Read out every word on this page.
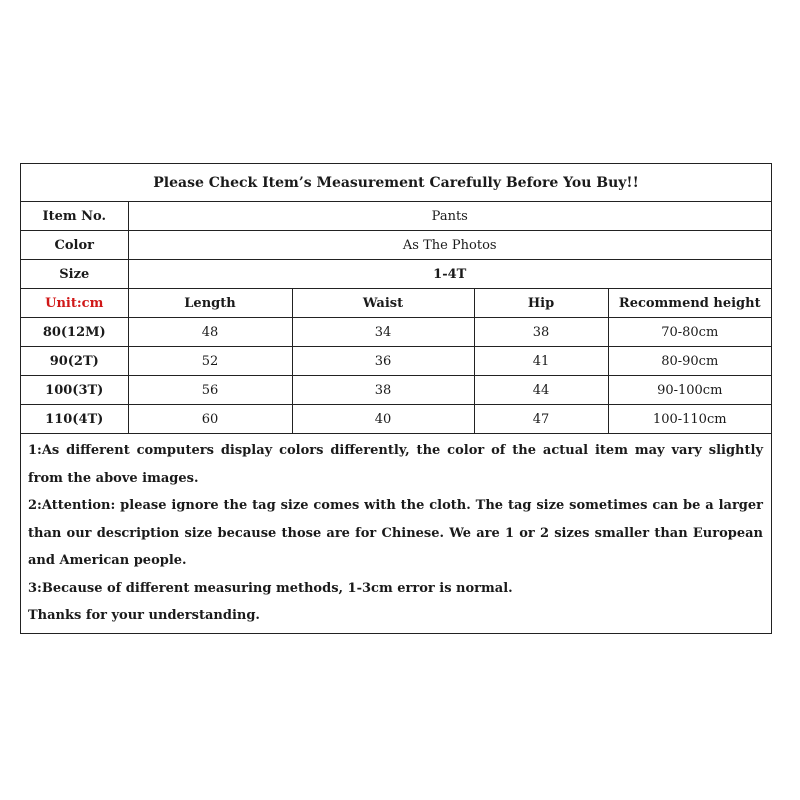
Please Check Item’s Measurement Carefully Before You Buy!!
Item No.	Pants			
Color	As The Photos			
Size	1-4T			
Unit:cm	Length	Waist	Hip	Recommend height
80(12M)	48	34	38	70-80cm
90(2T)	52	36	41	80-90cm
100(3T)	56	38	44	90-100cm
110(4T)	60	40	47	100-110cm

1:As different computers display colors differently, the color of the actual item may vary slightly from the above images.

2:Attention: please ignore the tag size comes with the cloth. The tag size sometimes can be a larger than our description size because those are for Chinese. We are 1 or 2 sizes smaller than European and American people.

3:Because of different measuring methods, 1-3cm error is normal.

Thanks for your understanding.
